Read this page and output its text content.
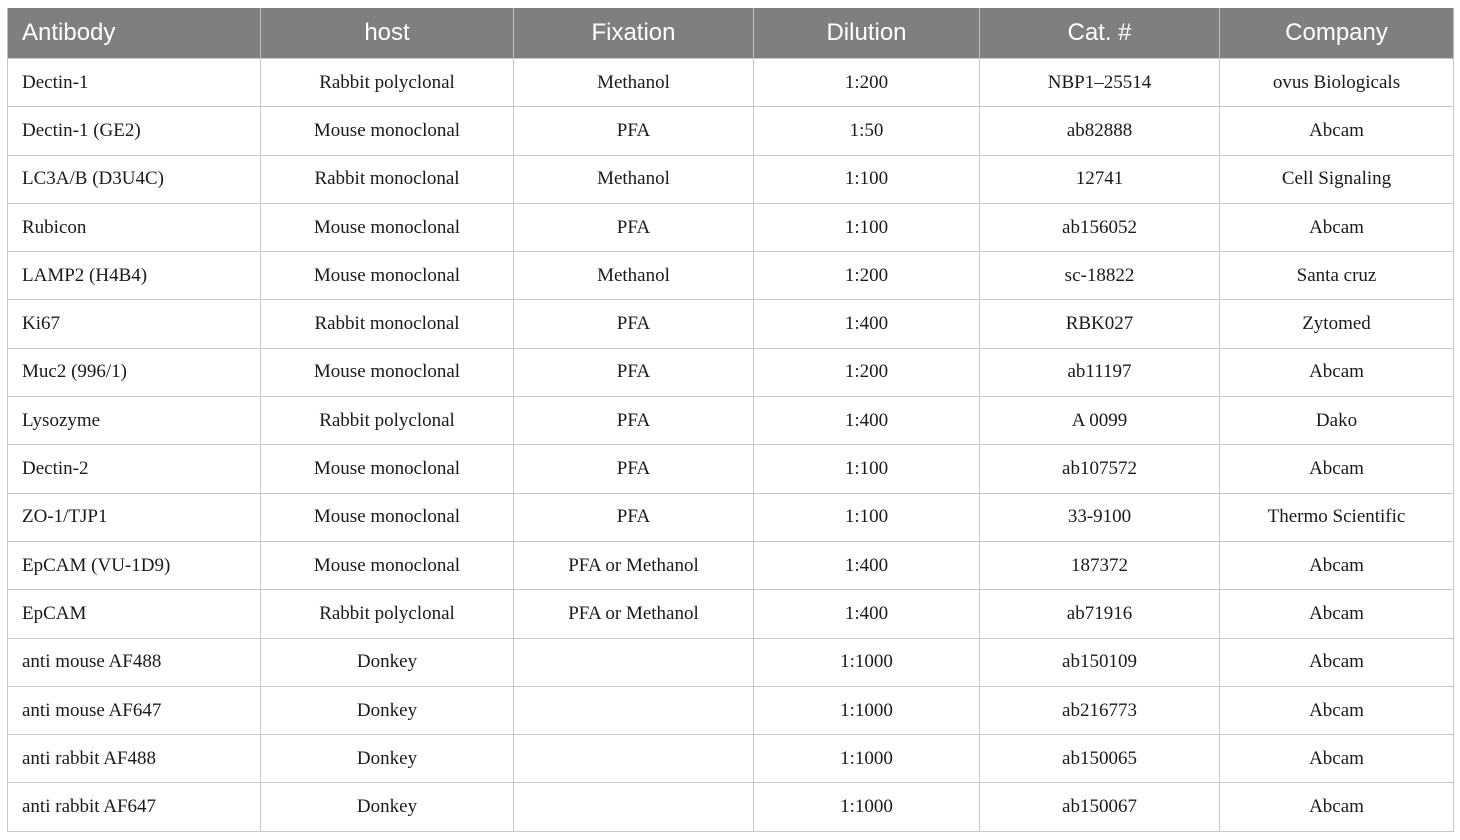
Antibody	host	Fixation	Dilution	Cat. #	Company
Dectin-1	Rabbit polyclonal	Methanol	1:200	NBP1–25514	ovus Biologicals
Dectin-1 (GE2)	Mouse monoclonal	PFA	1:50	ab82888	Abcam
LC3A/B (D3U4C)	Rabbit monoclonal	Methanol	1:100	12741	Cell Signaling
Rubicon	Mouse monoclonal	PFA	1:100	ab156052	Abcam
LAMP2 (H4B4)	Mouse monoclonal	Methanol	1:200	sc-18822	Santa cruz
Ki67	Rabbit monoclonal	PFA	1:400	RBK027	Zytomed
Muc2 (996/1)	Mouse monoclonal	PFA	1:200	ab11197	Abcam
Lysozyme	Rabbit polyclonal	PFA	1:400	A 0099	Dako
Dectin-2	Mouse monoclonal	PFA	1:100	ab107572	Abcam
ZO-1/TJP1	Mouse monoclonal	PFA	1:100	33-9100	Thermo Scientific
EpCAM (VU-1D9)	Mouse monoclonal	PFA or Methanol	1:400	187372	Abcam
EpCAM	Rabbit polyclonal	PFA or Methanol	1:400	ab71916	Abcam
anti mouse AF488	Donkey		1:1000	ab150109	Abcam
anti mouse AF647	Donkey		1:1000	ab216773	Abcam
anti rabbit AF488	Donkey		1:1000	ab150065	Abcam
anti rabbit AF647	Donkey		1:1000	ab150067	Abcam
